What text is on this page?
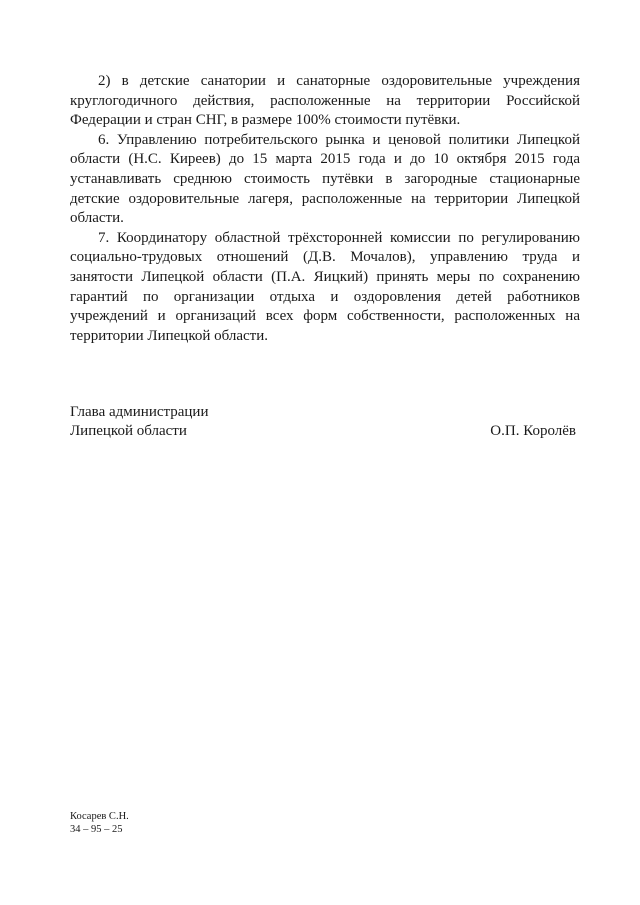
2) в детские санатории и санаторные оздоровительные учреждения круглогодичного действия, расположенные на территории Российской Федерации и стран СНГ, в размере 100% стоимости путёвки.

6. Управлению потребительского рынка и ценовой политики Липецкой области (Н.С. Киреев) до 15 марта 2015 года и до 10 октября 2015 года устанавливать среднюю стоимость путёвки в загородные стационарные детские оздоровительные лагеря, расположенные на территории Липецкой области.

7. Координатору областной трёхсторонней комиссии по регулированию социально-трудовых отношений (Д.В. Мочалов), управлению труда и занятости Липецкой области (П.А. Яицкий) принять меры по сохранению гарантий по организации отдыха и оздоровления детей работников учреждений и организаций всех форм собственности, расположенных на территории Липецкой области.

Глава администрации
Липецкой области	О.П. Королёв
Косарев С.Н.
34 – 95 – 25
